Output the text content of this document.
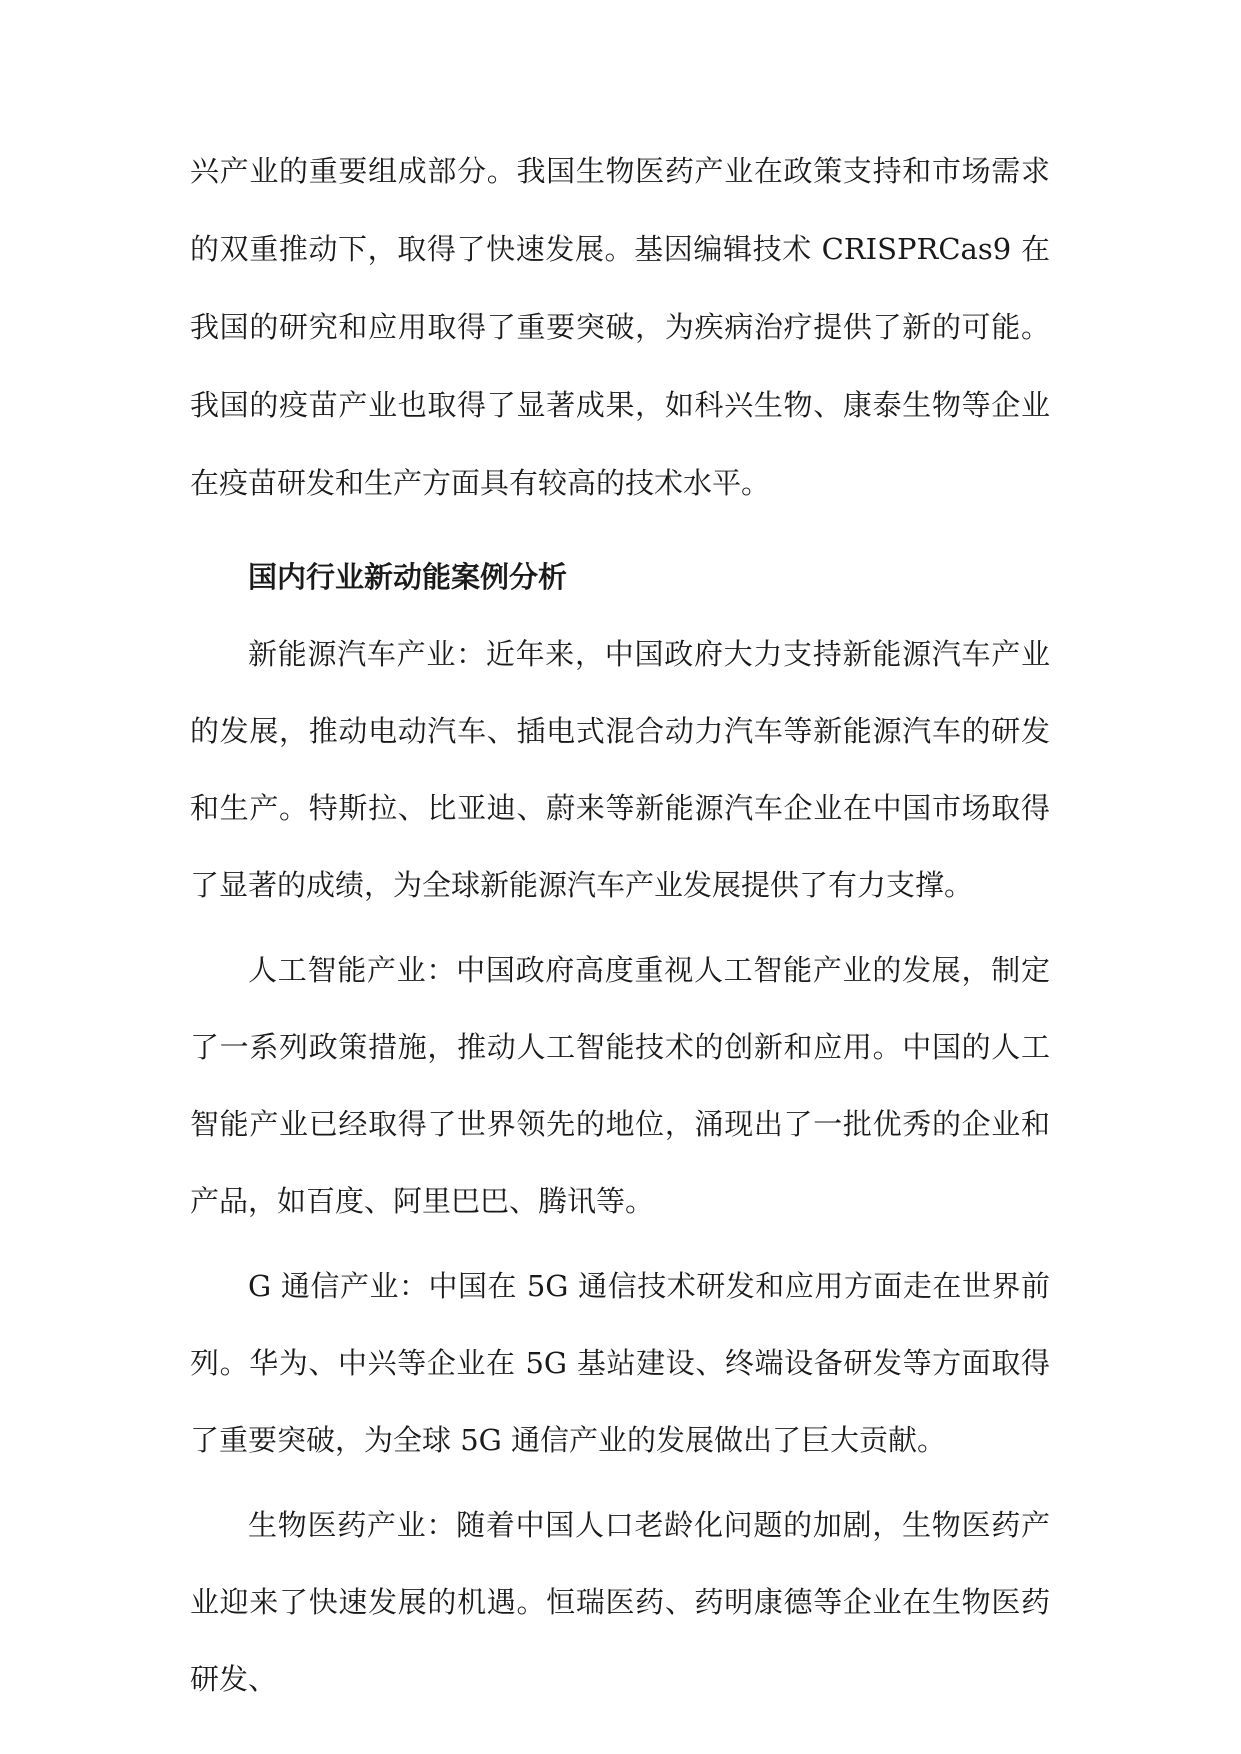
兴产业的重要组成部分。我国生物医药产业在政策支持和市场需求的双重推动下，取得了快速发展。基因编辑技术 CRISPRCas9 在我国的研究和应用取得了重要突破，为疾病治疗提供了新的可能。我国的疫苗产业也取得了显著成果，如科兴生物、康泰生物等企业在疫苗研发和生产方面具有较高的技术水平。

国内行业新动能案例分析

新能源汽车产业：近年来，中国政府大力支持新能源汽车产业的发展，推动电动汽车、插电式混合动力汽车等新能源汽车的研发和生产。特斯拉、比亚迪、蔚来等新能源汽车企业在中国市场取得了显著的成绩，为全球新能源汽车产业发展提供了有力支撑。

人工智能产业：中国政府高度重视人工智能产业的发展，制定了一系列政策措施，推动人工智能技术的创新和应用。中国的人工智能产业已经取得了世界领先的地位，涌现出了一批优秀的企业和产品，如百度、阿里巴巴、腾讯等。

G 通信产业：中国在 5G 通信技术研发和应用方面走在世界前列。华为、中兴等企业在 5G 基站建设、终端设备研发等方面取得了重要突破，为全球 5G 通信产业的发展做出了巨大贡献。

生物医药产业：随着中国人口老龄化问题的加剧，生物医药产业迎来了快速发展的机遇。恒瑞医药、药明康德等企业在生物医药研发、
